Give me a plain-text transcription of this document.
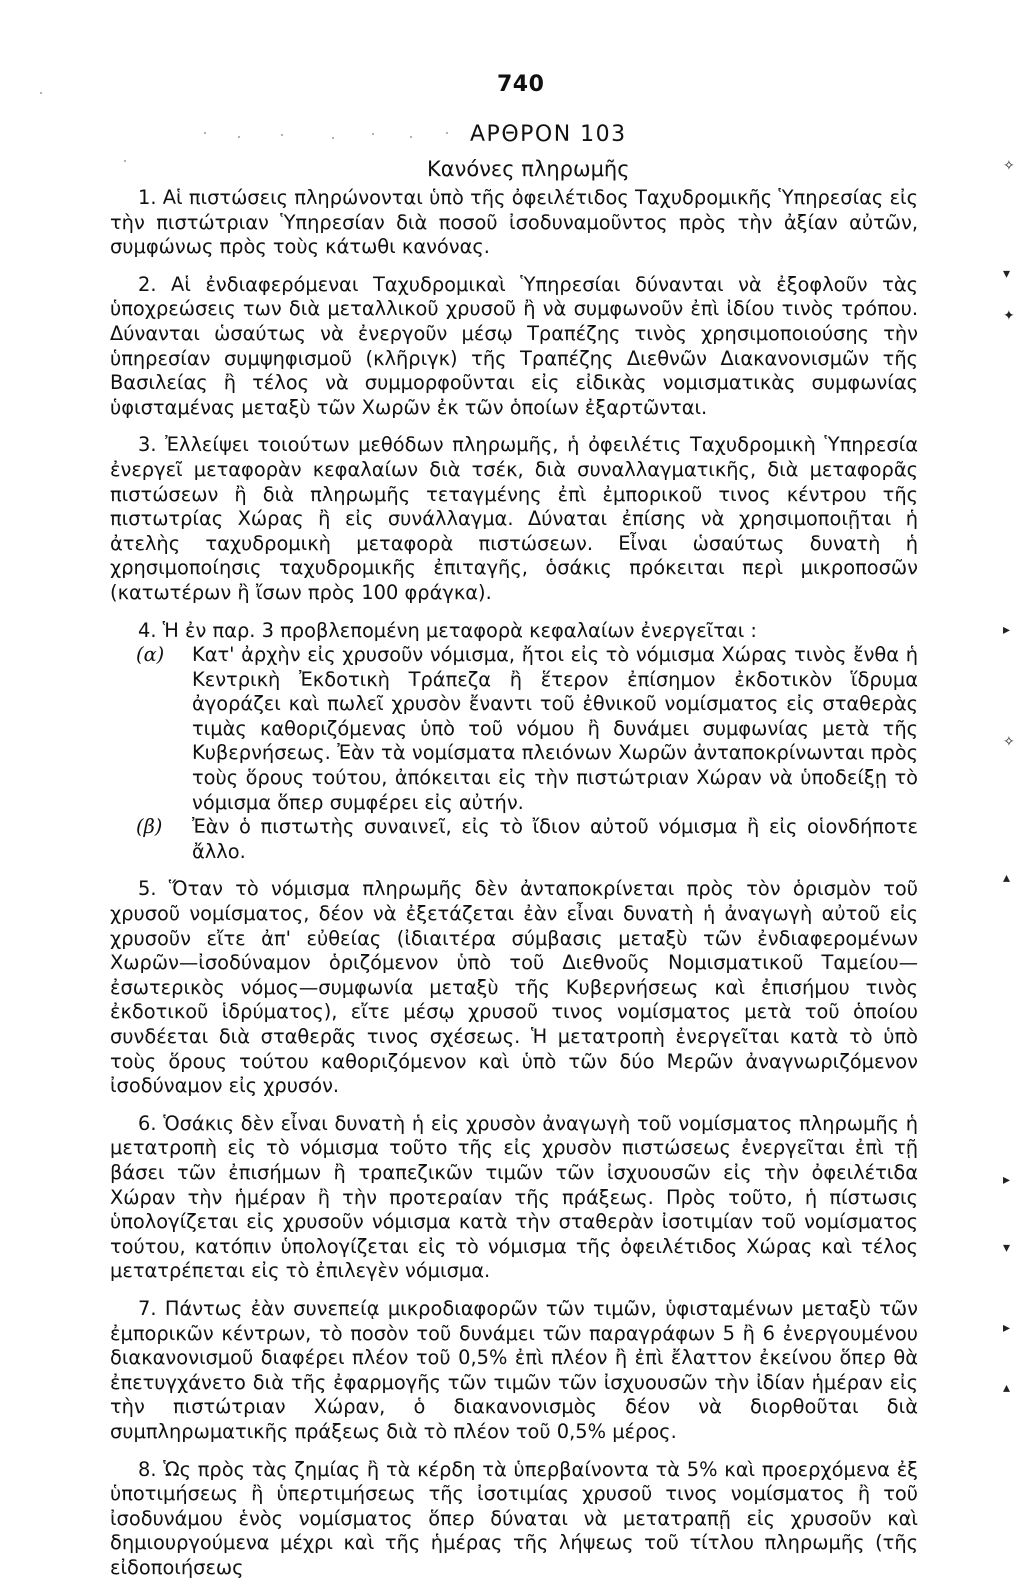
740
ΑΡΘΡΟΝ 103
Κανόνες πληρωμῆς

1. Αἱ πιστώσεις πληρώνονται ὑπὸ τῆς ὀφειλέτιδος Ταχυδρομικῆς Ὑπηρεσίας εἰς τὴν πιστώτριαν Ὑπηρεσίαν διὰ ποσοῦ ἰσοδυναμοῦντος πρὸς τὴν ἀξίαν αὐτῶν, συμφώνως πρὸς τοὺς κάτωθι κανόνας.

2. Αἱ ἐνδιαφερόμεναι Ταχυδρομικαὶ Ὑπηρεσίαι δύνανται νὰ ἐξοφλοῦν τὰς ὑποχρεώσεις των διὰ μεταλλικοῦ χρυσοῦ ἢ νὰ συμφωνοῦν ἐπὶ ἰδίου τινὸς τρόπου. Δύνανται ὡσαύτως νὰ ἐνεργοῦν μέσῳ Τραπέζης τινὸς χρησιμοποιούσης τὴν ὑπηρεσίαν συμψηφισμοῦ (κλῆριγκ) τῆς Τραπέζης Διεθνῶν Διακανονισμῶν τῆς Βασιλείας ἢ τέλος νὰ συμμορφοῦνται εἰς εἰδικὰς νομισματικὰς συμφωνίας ὑφισταμένας μεταξὺ τῶν Χωρῶν ἐκ τῶν ὁποίων ἐξαρτῶνται.

3. Ἐλλείψει τοιούτων μεθόδων πληρωμῆς, ἡ ὀφειλέτις Ταχυδρομικὴ Ὑπηρεσία ἐνεργεῖ μεταφορὰν κεφαλαίων διὰ τσέκ, διὰ συναλλαγματικῆς, διὰ μεταφορᾶς πιστώσεων ἢ διὰ πληρωμῆς τεταγμένης ἐπὶ ἐμπορικοῦ τινος κέντρου τῆς πιστωτρίας Χώρας ἢ εἰς συνάλλαγμα. Δύναται ἐπίσης νὰ χρησιμοποιῇται ἡ ἀτελὴς ταχυδρομικὴ μεταφορὰ πιστώσεων. Εἶναι ὡσαύτως δυνατὴ ἡ χρησιμοποίησις ταχυδρομικῆς ἐπιταγῆς, ὁσάκις πρόκειται περὶ μικροποσῶν (κατωτέρων ἢ ἴσων πρὸς 100 φράγκα).

4. Ἡ ἐν παρ. 3 προβλεπομένη μεταφορὰ κεφαλαίων ἐνεργεῖται :

(α) Κατ' ἀρχὴν εἰς χρυσοῦν νόμισμα, ἤτοι εἰς τὸ νόμισμα Χώρας τινὸς ἔνθα ἡ Κεντρικὴ Ἐκδοτικὴ Τράπεζα ἢ ἕτερον ἐπίσημον ἐκδοτικὸν ἵδρυμα ἀγοράζει καὶ πωλεῖ χρυσὸν ἔναντι τοῦ ἐθνικοῦ νομίσματος εἰς σταθερὰς τιμὰς καθοριζόμενας ὑπὸ τοῦ νόμου ἢ δυνάμει συμφωνίας μετὰ τῆς Κυβερνήσεως. Ἐὰν τὰ νομίσματα πλειόνων Χωρῶν ἀνταποκρίνωνται πρὸς τοὺς ὅρους τούτου, ἀπόκειται εἰς τὴν πιστώτριαν Χώραν νὰ ὑποδείξῃ τὸ νόμισμα ὅπερ συμφέρει εἰς αὐτήν.

(β) Ἐὰν ὁ πιστωτὴς συναινεῖ, εἰς τὸ ἴδιον αὐτοῦ νόμισμα ἢ εἰς οἱονδήποτε ἄλλο.

5. Ὅταν τὸ νόμισμα πληρωμῆς δὲν ἀνταποκρίνεται πρὸς τὸν ὁρισμὸν τοῦ χρυσοῦ νομίσματος, δέον νὰ ἐξετάζεται ἐὰν εἶναι δυνατὴ ἡ ἀναγωγὴ αὐτοῦ εἰς χρυσοῦν εἴτε ἀπ' εὐθείας (ἰδιαιτέρα σύμβασις μεταξὺ τῶν ἐνδιαφερομένων Χωρῶν—ἰσοδύναμον ὁριζόμενον ὑπὸ τοῦ Διεθνοῦς Νομισματικοῦ Ταμείου—ἐσωτερικὸς νόμος—συμφωνία μεταξὺ τῆς Κυβερνήσεως καὶ ἐπισήμου τινὸς ἐκδοτικοῦ ἱδρύματος), εἴτε μέσῳ χρυσοῦ τινος νομίσματος μετὰ τοῦ ὁποίου συνδέεται διὰ σταθερᾶς τινος σχέσεως. Ἡ μετατροπὴ ἐνεργεῖται κατὰ τὸ ὑπὸ τοὺς ὅρους τούτου καθοριζόμενον καὶ ὑπὸ τῶν δύο Μερῶν ἀναγνωριζόμενον ἰσοδύναμον εἰς χρυσόν.

6. Ὁσάκις δὲν εἶναι δυνατὴ ἡ εἰς χρυσὸν ἀναγωγὴ τοῦ νομίσματος πληρωμῆς ἡ μετατροπὴ εἰς τὸ νόμισμα τοῦτο τῆς εἰς χρυσὸν πιστώσεως ἐνεργεῖται ἐπὶ τῇ βάσει τῶν ἐπισήμων ἢ τραπεζικῶν τιμῶν τῶν ἰσχυουσῶν εἰς τὴν ὀφειλέτιδα Χώραν τὴν ἡμέραν ἢ τὴν προτεραίαν τῆς πράξεως. Πρὸς τοῦτο, ἡ πίστωσις ὑπολογίζεται εἰς χρυσοῦν νόμισμα κατὰ τὴν σταθερὰν ἰσοτιμίαν τοῦ νομίσματος τούτου, κατόπιν ὑπολογίζεται εἰς τὸ νόμισμα τῆς ὀφειλέτιδος Χώρας καὶ τέλος μετατρέπεται εἰς τὸ ἐπιλεγὲν νόμισμα.

7. Πάντως ἐὰν συνεπείᾳ μικροδιαφορῶν τῶν τιμῶν, ὑφισταμένων μεταξὺ τῶν ἐμπορικῶν κέντρων, τὸ ποσὸν τοῦ δυνάμει τῶν παραγράφων 5 ἢ 6 ἐνεργουμένου διακανονισμοῦ διαφέρει πλέον τοῦ 0,5% ἐπὶ πλέον ἢ ἐπὶ ἔλαττον ἐκείνου ὅπερ θὰ ἐπετυγχάνετο διὰ τῆς ἐφαρμογῆς τῶν τιμῶν τῶν ἰσχυουσῶν τὴν ἰδίαν ἡμέραν εἰς τὴν πιστώτριαν Χώραν, ὁ διακανονισμὸς δέον νὰ διορθοῦται διὰ συμπληρωματικῆς πράξεως διὰ τὸ πλέον τοῦ 0,5% μέρος.

8. Ὡς πρὸς τὰς ζημίας ἢ τὰ κέρδη τὰ ὑπερβαίνοντα τὰ 5% καὶ προερχόμενα ἐξ ὑποτιμήσεως ἢ ὑπερτιμήσεως τῆς ἰσοτιμίας χρυσοῦ τινος νομίσματος ἢ τοῦ ἰσοδυνάμου ἑνὸς νομίσματος ὅπερ δύναται νὰ μετατραπῇ εἰς χρυσοῦν καὶ δημιουργούμενα μέχρι καὶ τῆς ἡμέρας τῆς λήψεως τοῦ τίτλου πληρωμῆς (τῆς εἰδοποιήσεως

✧
▾
✦
▸
✧
▴
▸
▾
▸
▴
